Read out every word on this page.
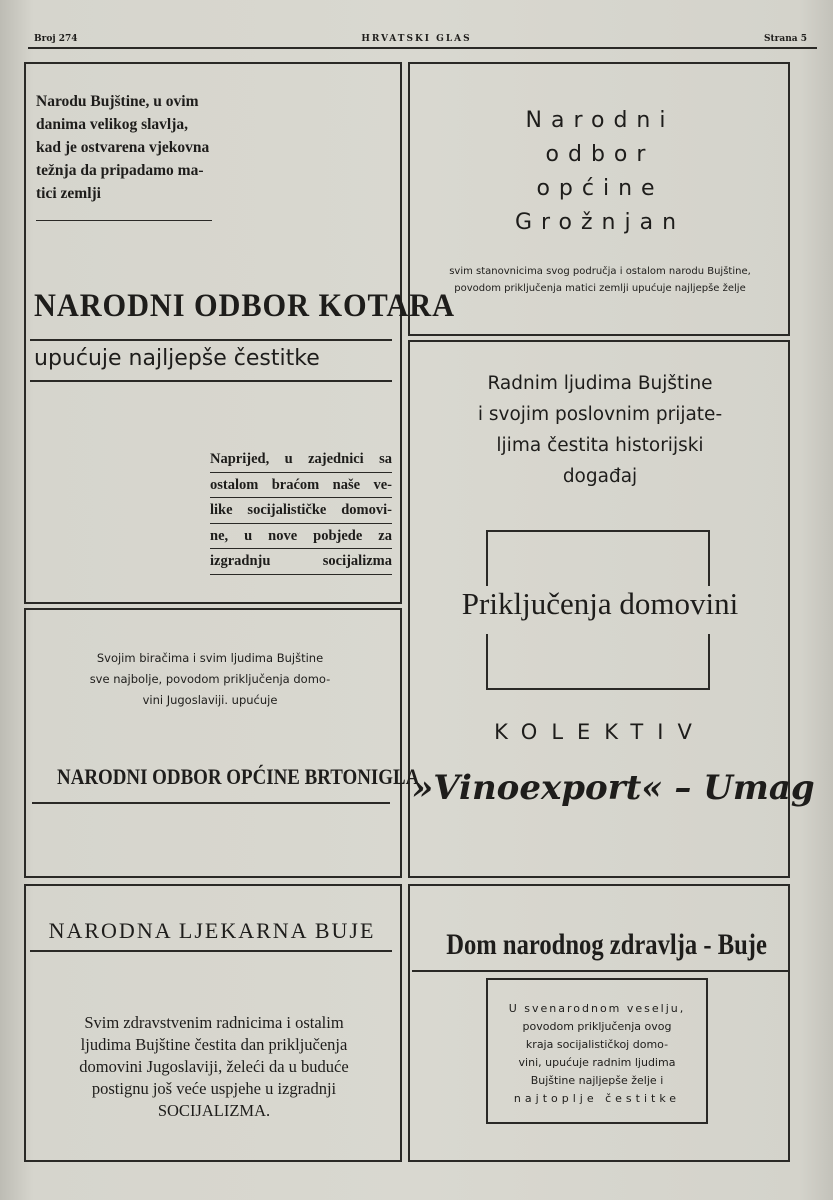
Broj 274	HRVATSKI GLAS	Strana 5
Narodu Bujštine, u ovim
danima velikog slavlja,
kad je ostvarena vjekovna
težnja da pripadamo ma-
tici zemlji
NARODNI ODBOR KOTARA
upućuje najljepše čestitke
Naprijed, u zajednici sa
ostalom braćom naše ve-
like socijalističke domovi-
ne, u nove pobjede za
izgradnju socijalizma
Narodni
odbor
općine
Grožnjan
svim stanovnicima svog područja i ostalom narodu Bujštine,
povodom priključenja matici zemlji upućuje najljepše želje
Radnim ljudima Bujštine
i svojim poslovnim prijate-
ljima čestita historijski
događaj
Priključenja domovini
KOLEKTIV
»Vinoexport« – Umag
Svojim biračima i svim ljudima Bujštine
sve najbolje, povodom priključenja domo-
vini Jugoslaviji. upućuje
NARODNI ODBOR OPĆINE BRTONIGLA
NARODNA LJEKARNA BUJE
Svim zdravstvenim radnicima i ostalim
ljudima Bujštine čestita dan priključenja
domovini Jugoslaviji, želeći da u buduće
postignu još veće uspjehe u izgradnji
SOCIJALIZMA.
Dom narodnog zdravlja - Buje
U svenarodnom veselju,
povodom priključenja ovog
kraja socijalističkoj domo-
vini, upućuje radnim ljudima
Bujštine najljepše želje i
najtoplje čestitke
